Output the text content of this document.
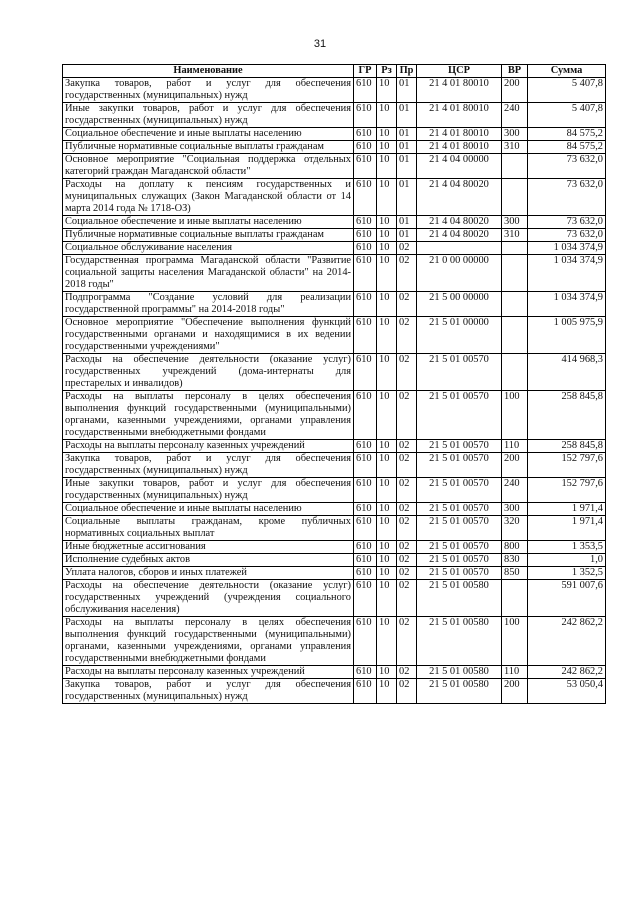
31
Наименование	ГР	Рз	Пр	ЦСР	ВР	Сумма
Закупка товаров, работ и услуг для обеспечения государственных (муниципальных) нужд	610	10	01	21 4 01 80010	200	5 407,8
Иные закупки товаров, работ и услуг для обеспечения государственных (муниципальных) нужд	610	10	01	21 4 01 80010	240	5 407,8
Социальное обеспечение и иные выплаты населению	610	10	01	21 4 01 80010	300	84 575,2
Публичные нормативные социальные выплаты гражданам	610	10	01	21 4 01 80010	310	84 575,2
Основное мероприятие "Социальная поддержка отдельных категорий граждан Магаданской области"	610	10	01	21 4 04 00000		73 632,0
Расходы на доплату к пенсиям государственных и муниципальных служащих (Закон Магаданской области от 14 марта 2014 года № 1718-ОЗ)	610	10	01	21 4 04 80020		73 632,0
Социальное обеспечение и иные выплаты населению	610	10	01	21 4 04 80020	300	73 632,0
Публичные нормативные социальные выплаты гражданам	610	10	01	21 4 04 80020	310	73 632,0
Социальное обслуживание населения	610	10	02			1 034 374,9
Государственная программа Магаданской области "Развитие социальной защиты населения Магаданской области" на 2014-2018 годы"	610	10	02	21 0 00 00000		1 034 374,9
Подпрограмма "Создание условий для реализации государственной программы" на 2014-2018 годы"	610	10	02	21 5 00 00000		1 034 374,9
Основное мероприятие "Обеспечение выполнения функций государственными органами и находящимися в их ведении государственными учреждениями"	610	10	02	21 5 01 00000		1 005 975,9
Расходы на обеспечение деятельности (оказание услуг) государственных учреждений (дома-интернаты для престарелых и инвалидов)	610	10	02	21 5 01 00570		414 968,3
Расходы на выплаты персоналу в целях обеспечения выполнения функций государственными (муниципальными) органами, казенными учреждениями, органами управления государственными внебюджетными фондами	610	10	02	21 5 01 00570	100	258 845,8
Расходы на выплаты персоналу казенных учреждений	610	10	02	21 5 01 00570	110	258 845,8
Закупка товаров, работ и услуг для обеспечения государственных (муниципальных) нужд	610	10	02	21 5 01 00570	200	152 797,6
Иные закупки товаров, работ и услуг для обеспечения государственных (муниципальных) нужд	610	10	02	21 5 01 00570	240	152 797,6
Социальное обеспечение и иные выплаты населению	610	10	02	21 5 01 00570	300	1 971,4
Социальные выплаты гражданам, кроме публичных нормативных социальных выплат	610	10	02	21 5 01 00570	320	1 971,4
Иные бюджетные ассигнования	610	10	02	21 5 01 00570	800	1 353,5
Исполнение судебных актов	610	10	02	21 5 01 00570	830	1,0
Уплата налогов, сборов и иных платежей	610	10	02	21 5 01 00570	850	1 352,5
Расходы на обеспечение деятельности (оказание услуг) государственных учреждений (учреждения социального обслуживания населения)	610	10	02	21 5 01 00580		591 007,6
Расходы на выплаты персоналу в целях обеспечения выполнения функций государственными (муниципальными) органами, казенными учреждениями, органами управления государственными внебюджетными фондами	610	10	02	21 5 01 00580	100	242 862,2
Расходы на выплаты персоналу казенных учреждений	610	10	02	21 5 01 00580	110	242 862,2
Закупка товаров, работ и услуг для обеспечения государственных (муниципальных) нужд	610	10	02	21 5 01 00580	200	53 050,4
